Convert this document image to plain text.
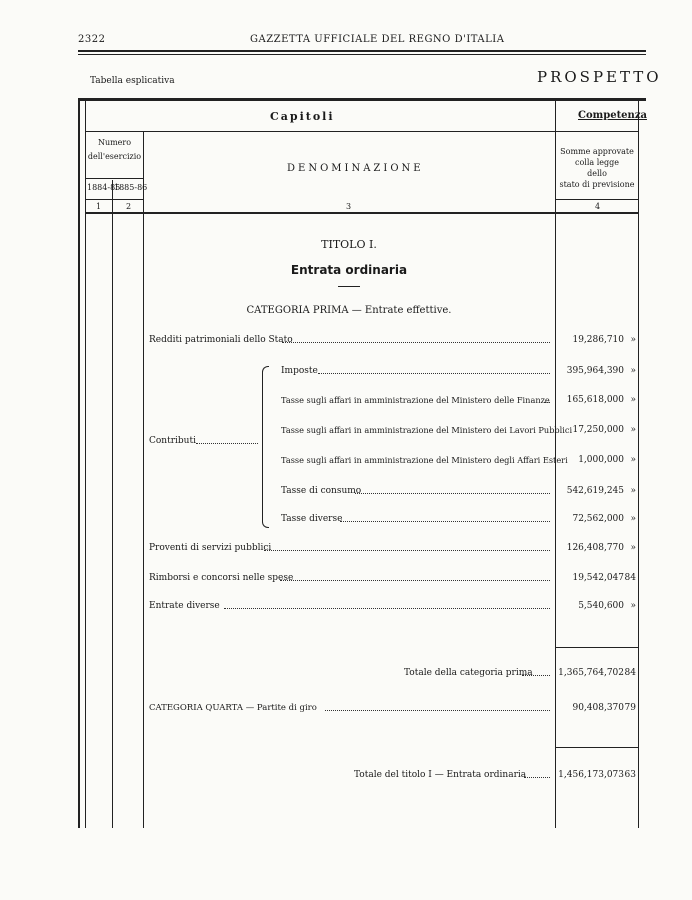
2322	GAZZETTA UFFICIALE DEL REGNO D'ITALIA
Tabella esplicativa	PROSPETTO
Capitoli	Competenza
Numero
dell'esercizio
1884-85
1885-86
1	2
DENOMINAZIONE
3
Somme approvate
colla legge
dello
stato di previsione
4
TITOLO I.
Entrata ordinaria
CATEGORIA PRIMA — Entrate effettive.
Redditi patrimoniali dello Stato	19,286,710 »
Contributi
Imposte	395,964,390 »
Tasse sugli affari in amministrazione del Ministero delle Finanze	165,618,000 »
Tasse sugli affari in amministrazione del Ministero dei Lavori Pubblici 17,250,000 »
Tasse sugli affari in amministrazione del Ministero degli Affari Esteri	1,000,000 »
Tasse di consumo	542,619,245 »
Tasse diverse	72,562,000 »
Proventi di servizi pubblici	126,408,770 »
Rimborsi e concorsi nelle spese	19,542,047 84
Entrate diverse	5,540,600 »
Totale della categoria prima	1,365,764,702 84
CATEGORIA QUARTA — Partite di giro	90,408,370 79
Totale del titolo I — Entrata ordinaria	1,456,173,073 63
